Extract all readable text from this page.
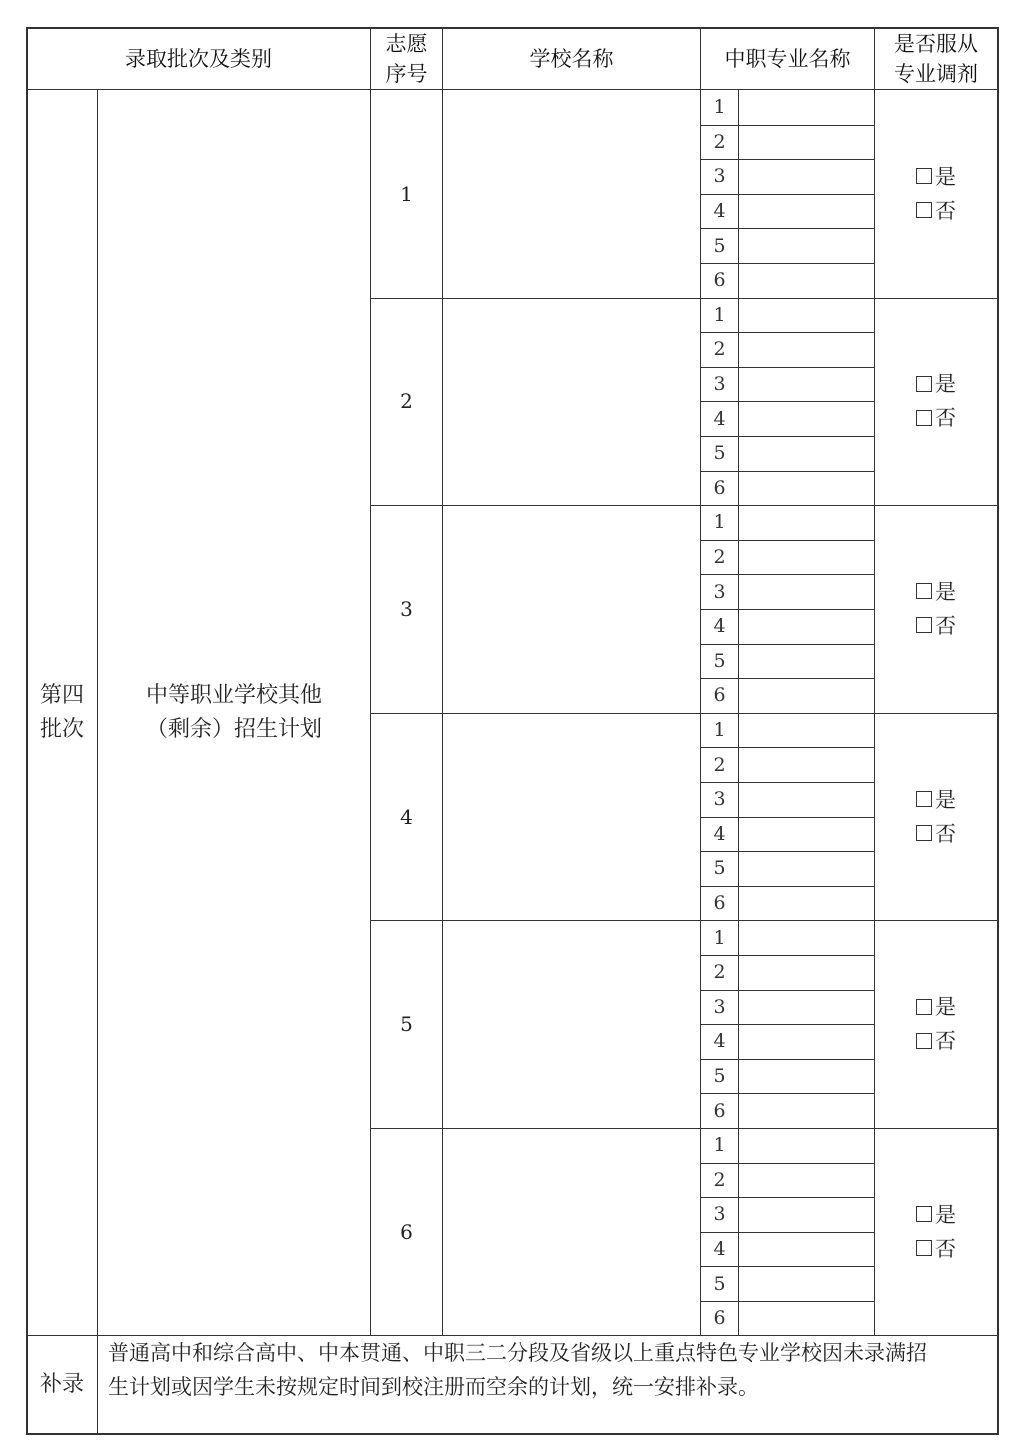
录取批次及类别
志愿
序号
学校名称	中职专业名称
是否服从
专业调剂
第四
批次
中等职业学校其他
（剩余）招生计划
1
1
2
3
4
5
6
是
否
2
1
2
3
4
5
6
是
否
3
1
2
3
4
5
6
是
否
4
1
2
3
4
5
6
是
否
5
1
2
3
4
5
6
是
否
6
1
2
3
4
5
6
是
否
补录
普通高中和综合高中、中本贯通、中职三二分段及省级以上重点特色专业学校因未录满招
生计划或因学生未按规定时间到校注册而空余的计划，统一安排补录。
